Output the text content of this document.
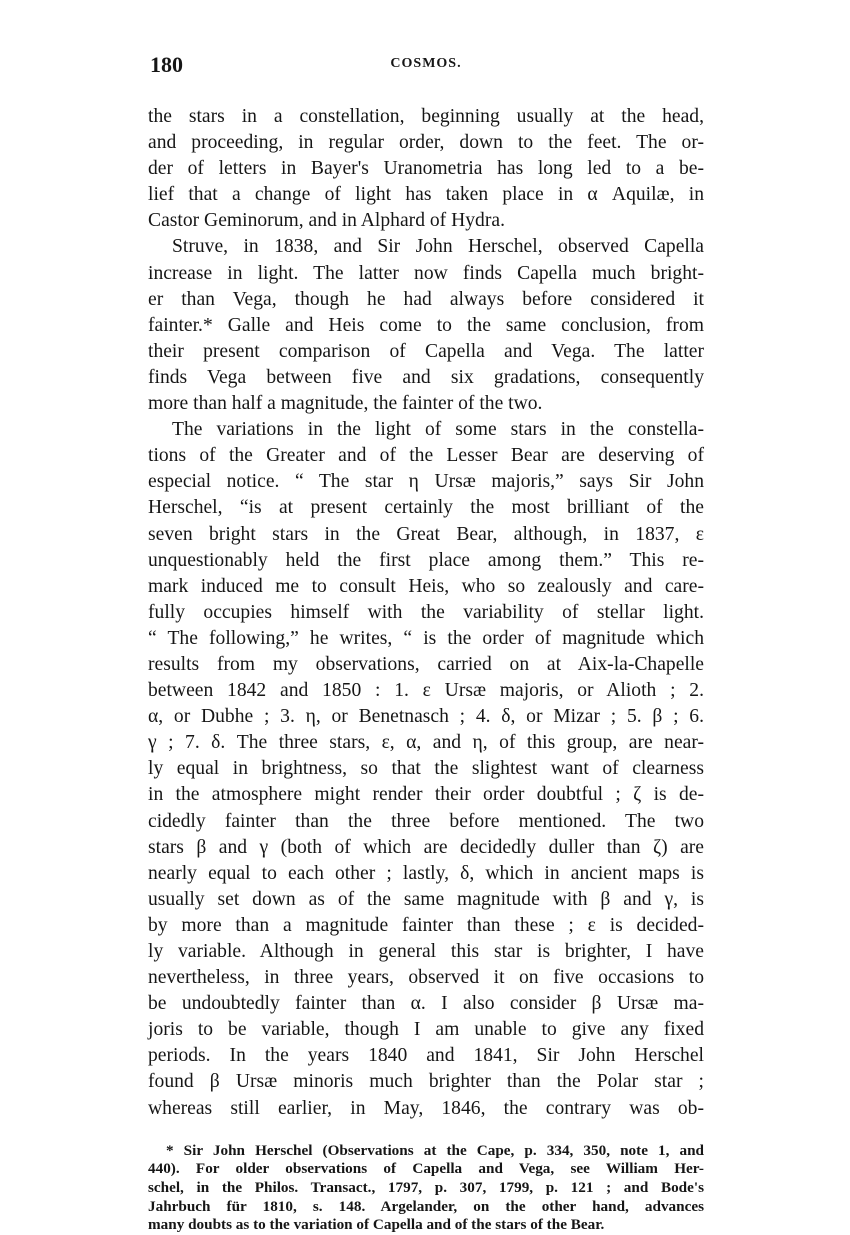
180	COSMOS.
the stars in a constellation, beginning usually at the head,
and proceeding, in regular order, down to the feet. The or-
der of letters in Bayer's Uranometria has long led to a be-
lief that a change of light has taken place in α Aquilæ, in
Castor Geminorum, and in Alphard of Hydra.
Struve, in 1838, and Sir John Herschel, observed Capella
increase in light. The latter now finds Capella much bright-
er than Vega, though he had always before considered it
fainter.* Galle and Heis come to the same conclusion, from
their present comparison of Capella and Vega. The latter
finds Vega between five and six gradations, consequently
more than half a magnitude, the fainter of the two.
The variations in the light of some stars in the constella-
tions of the Greater and of the Lesser Bear are deserving of
especial notice. “ The star η Ursæ majoris,” says Sir John
Herschel, “is at present certainly the most brilliant of the
seven bright stars in the Great Bear, although, in 1837, ε
unquestionably held the first place among them.” This re-
mark induced me to consult Heis, who so zealously and care-
fully occupies himself with the variability of stellar light.
“ The following,” he writes, “ is the order of magnitude which
results from my observations, carried on at Aix-la-Chapelle
between 1842 and 1850 : 1. ε Ursæ majoris, or Alioth ; 2.
α, or Dubhe ; 3. η, or Benetnasch ; 4. δ, or Mizar ; 5. β ; 6.
γ ; 7. δ. The three stars, ε, α, and η, of this group, are near-
ly equal in brightness, so that the slightest want of clearness
in the atmosphere might render their order doubtful ; ζ is de-
cidedly fainter than the three before mentioned. The two
stars β and γ (both of which are decidedly duller than ζ) are
nearly equal to each other ; lastly, δ, which in ancient maps is
usually set down as of the same magnitude with β and γ, is
by more than a magnitude fainter than these ; ε is decided-
ly variable. Although in general this star is brighter, I have
nevertheless, in three years, observed it on five occasions to
be undoubtedly fainter than α. I also consider β Ursæ ma-
joris to be variable, though I am unable to give any fixed
periods. In the years 1840 and 1841, Sir John Herschel
found β Ursæ minoris much brighter than the Polar star ;
whereas still earlier, in May, 1846, the contrary was ob-
* Sir John Herschel (Observations at the Cape, p. 334, 350, note 1, and
440). For older observations of Capella and Vega, see William Her-
schel, in the Philos. Transact., 1797, p. 307, 1799, p. 121 ; and Bode's
Jahrbuch für 1810, s. 148. Argelander, on the other hand, advances
many doubts as to the variation of Capella and of the stars of the Bear.
